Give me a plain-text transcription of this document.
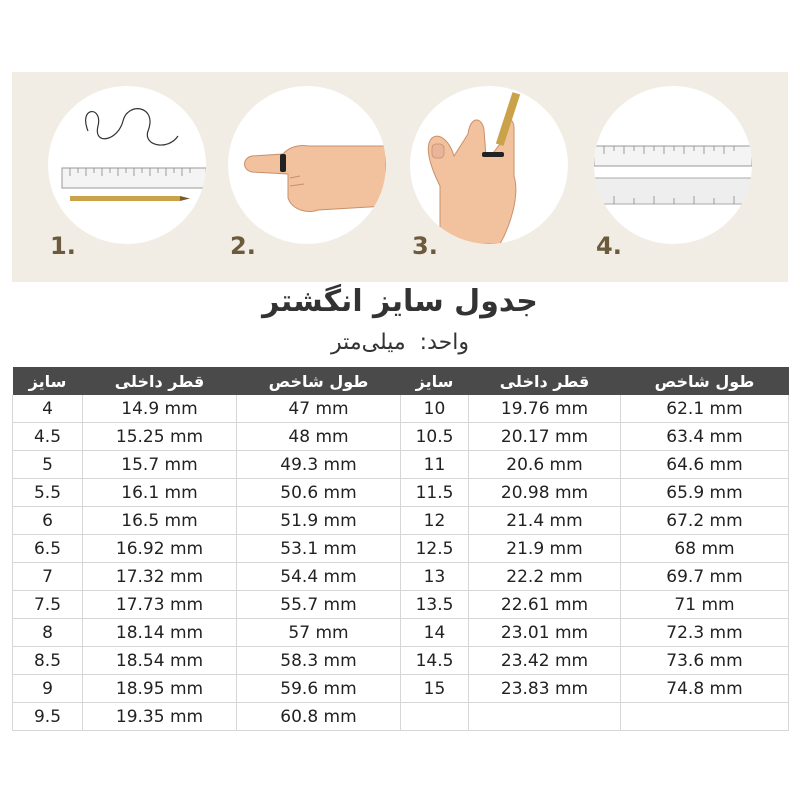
1.	2.	3.	4.
جدول سایز انگشتر
واحد:  میلی‌متر
سایز	قطر داخلی	طول شاخص	سایز	قطر داخلی	طول شاخص
4	14.9 mm	47 mm	10	19.76 mm	62.1 mm
4.5	15.25 mm	48 mm	10.5	20.17 mm	63.4 mm
5	15.7 mm	49.3 mm	11	20.6 mm	64.6 mm
5.5	16.1 mm	50.6 mm	11.5	20.98 mm	65.9 mm
6	16.5 mm	51.9 mm	12	21.4 mm	67.2 mm
6.5	16.92 mm	53.1 mm	12.5	21.9 mm	68 mm
7	17.32 mm	54.4 mm	13	22.2 mm	69.7 mm
7.5	17.73 mm	55.7 mm	13.5	22.61 mm	71 mm
8	18.14 mm	57 mm	14	23.01 mm	72.3 mm
8.5	18.54 mm	58.3 mm	14.5	23.42 mm	73.6 mm
9	18.95 mm	59.6 mm	15	23.83 mm	74.8 mm
9.5	19.35 mm	60.8 mm			
